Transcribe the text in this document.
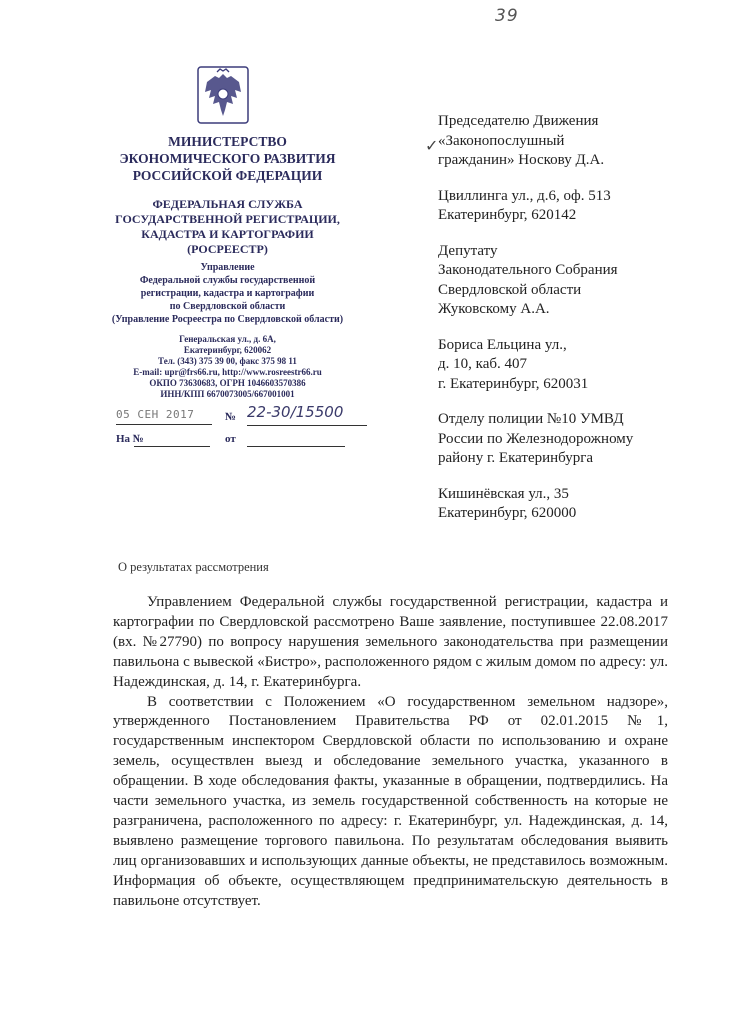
39
МИНИСТЕРСТВО
ЭКОНОМИЧЕСКОГО РАЗВИТИЯ
РОССИЙСКОЙ ФЕДЕРАЦИИ
ФЕДЕРАЛЬНАЯ СЛУЖБА
ГОСУДАРСТВЕННОЙ РЕГИСТРАЦИИ,
КАДАСТРА И КАРТОГРАФИИ
(РОСРЕЕСТР)
Управление
Федеральной службы государственной
регистрации, кадастра и картографии
по Свердловской области
(Управление Росреестра по Свердловской области)
Генеральская ул., д. 6А,
Екатеринбург, 620062
Тел. (343) 375 39 00, факс 375 98 11
E-mail: upr@frs66.ru, http://www.rosreestr66.ru
ОКПО 73630683, ОГРН 1046603570386
ИНН/КПП 6670073005/667001001
05 СЕН 2017	№ 22-30/15500
На №	от
✓
Председателю Движения
«Законопослушный
гражданин» Носкову Д.А.
Цвиллинга ул., д.6, оф. 513
Екатеринбург, 620142
Депутату
Законодательного Собрания
Свердловской области
Жуковскому А.А.
Бориса Ельцина ул.,
д. 10, каб. 407
г. Екатеринбург, 620031
Отделу полиции №10 УМВД
России по Железнодорожному
району г. Екатеринбурга
Кишинёвская ул., 35
Екатеринбург, 620000
О результатах рассмотрения

Управлением Федеральной службы государственной регистрации, кадастра и картографии по Свердловской рассмотрено Ваше заявление, поступившее 22.08.2017 (вх. №27790) по вопросу нарушения земельного законодательства при размещении павильона с вывеской «Бистро», расположенного рядом с жилым домом по адресу: ул. Надеждинская, д. 14, г. Екатеринбурга.

В соответствии с Положением «О государственном земельном надзоре», утвержденного Постановлением Правительства РФ от 02.01.2015 №1, государственным инспектором Свердловской области по использованию и охране земель, осуществлен выезд и обследование земельного участка, указанного в обращении. В ходе обследования факты, указанные в обращении, подтвердились. На части земельного участка, из земель государственной собственность на которые не разграничена, расположенного по адресу: г. Екатеринбург, ул. Надеждинская, д. 14, выявлено размещение торгового павильона. По результатам обследования выявить лиц организовавших и использующих данные объекты, не представилось возможным. Информация об объекте, осуществляющем предпринимательскую деятельность в павильоне отсутствует.
